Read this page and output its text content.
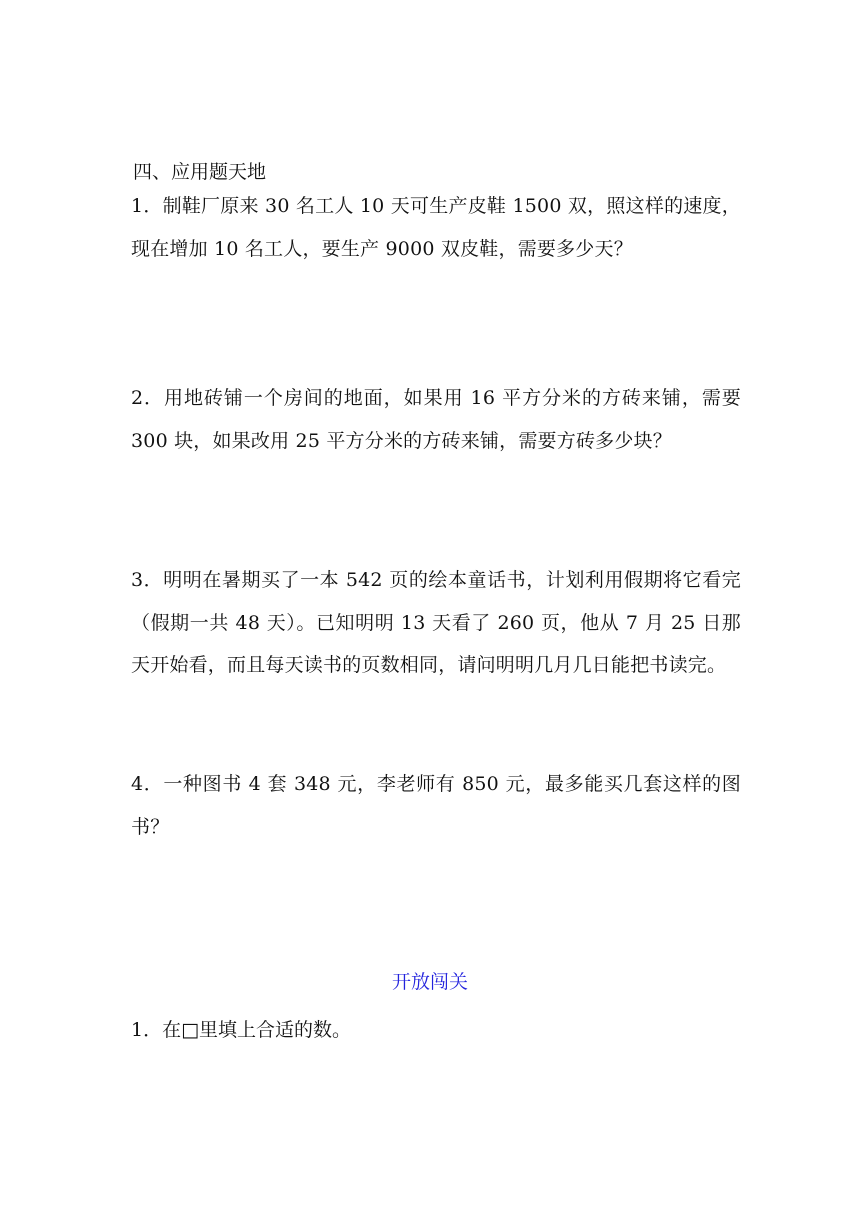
四、应用题天地

1．制鞋厂原来 30 名工人 10 天可生产皮鞋 1500 双，照这样的速度，现在增加 10 名工人，要生产 9000 双皮鞋，需要多少天？

2．用地砖铺一个房间的地面，如果用 16 平方分米的方砖来铺，需要 300 块，如果改用 25 平方分米的方砖来铺，需要方砖多少块？

3．明明在暑期买了一本 542 页的绘本童话书，计划利用假期将它看完（假期一共 48 天）。已知明明 13 天看了 260 页，他从 7 月 25 日那天开始看，而且每天读书的页数相同，请问明明几月几日能把书读完。

4．一种图书 4 套 348 元，李老师有 850 元，最多能买几套这样的图书？

开放闯关

1．在□里填上合适的数。
